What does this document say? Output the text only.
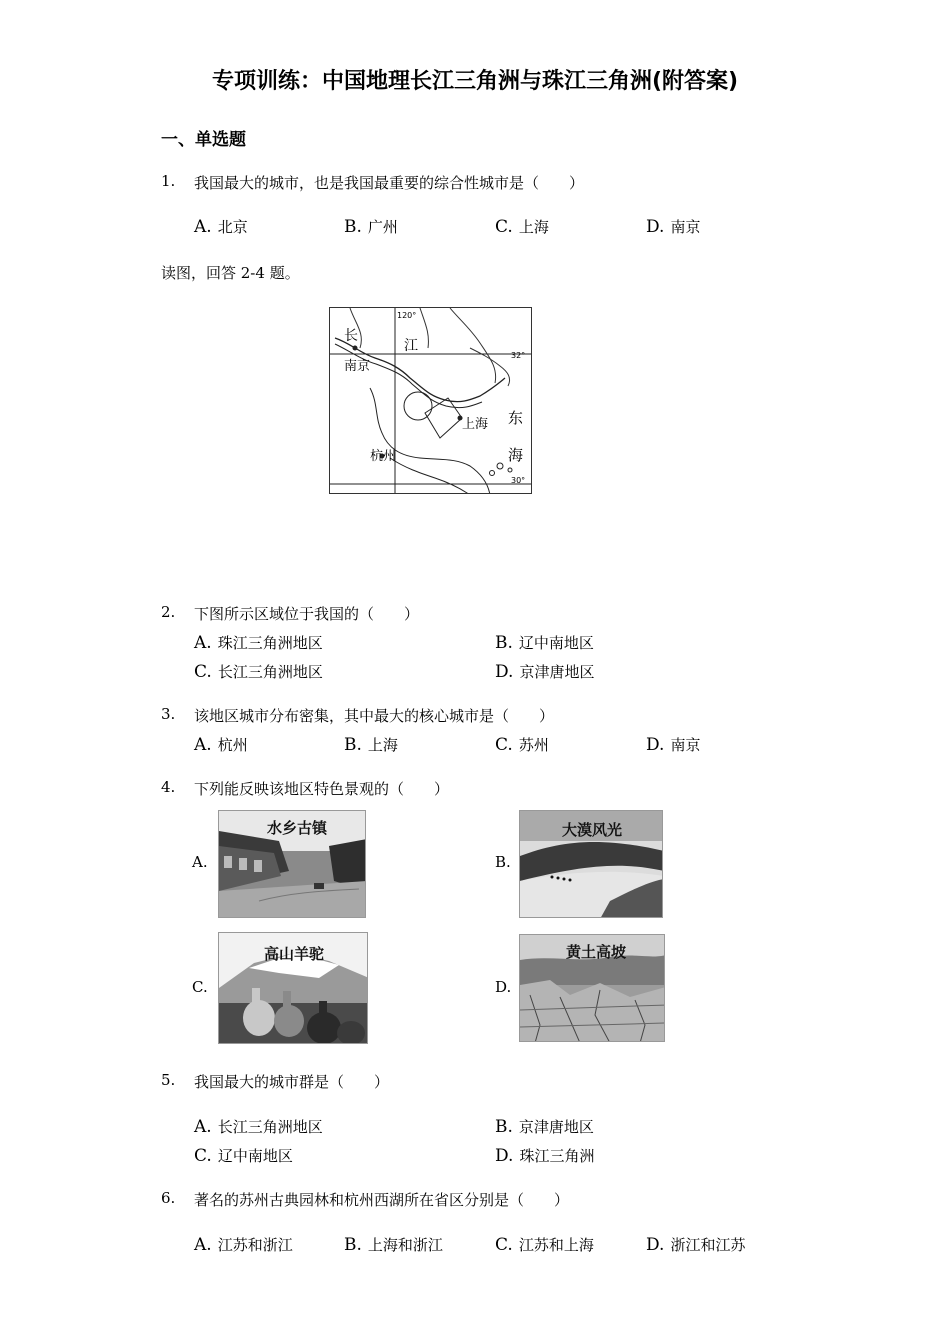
专项训练：中国地理长江三角洲与珠江三角洲(附答案)
一、单选题
1. 我国最大的城市，也是我国最重要的综合性城市是（　　）
A. 北京	B. 广州	C. 上海	D. 南京
读图，回答 2-4 题。
长
江
南京
上海 东
海
杭州
32°
30°
120°
2. 下图所示区域位于我国的（　　）
A. 珠江三角洲地区	B. 辽中南地区
C. 长江三角洲地区	D. 京津唐地区
3. 该地区城市分布密集，其中最大的核心城市是（　　）
A. 杭州	B. 上海	C. 苏州	D. 南京
4. 下列能反映该地区特色景观的（　　）
A.
水乡古镇
B.
大漠风光
C.
高山羊驼
D.
黄土高坡
5. 我国最大的城市群是（　　）
A. 长江三角洲地区	B. 京津唐地区
C. 辽中南地区	D. 珠江三角洲
6. 著名的苏州古典园林和杭州西湖所在省区分别是（　　）
A. 江苏和浙江	B. 上海和浙江	C. 江苏和上海	D. 浙江和江苏
